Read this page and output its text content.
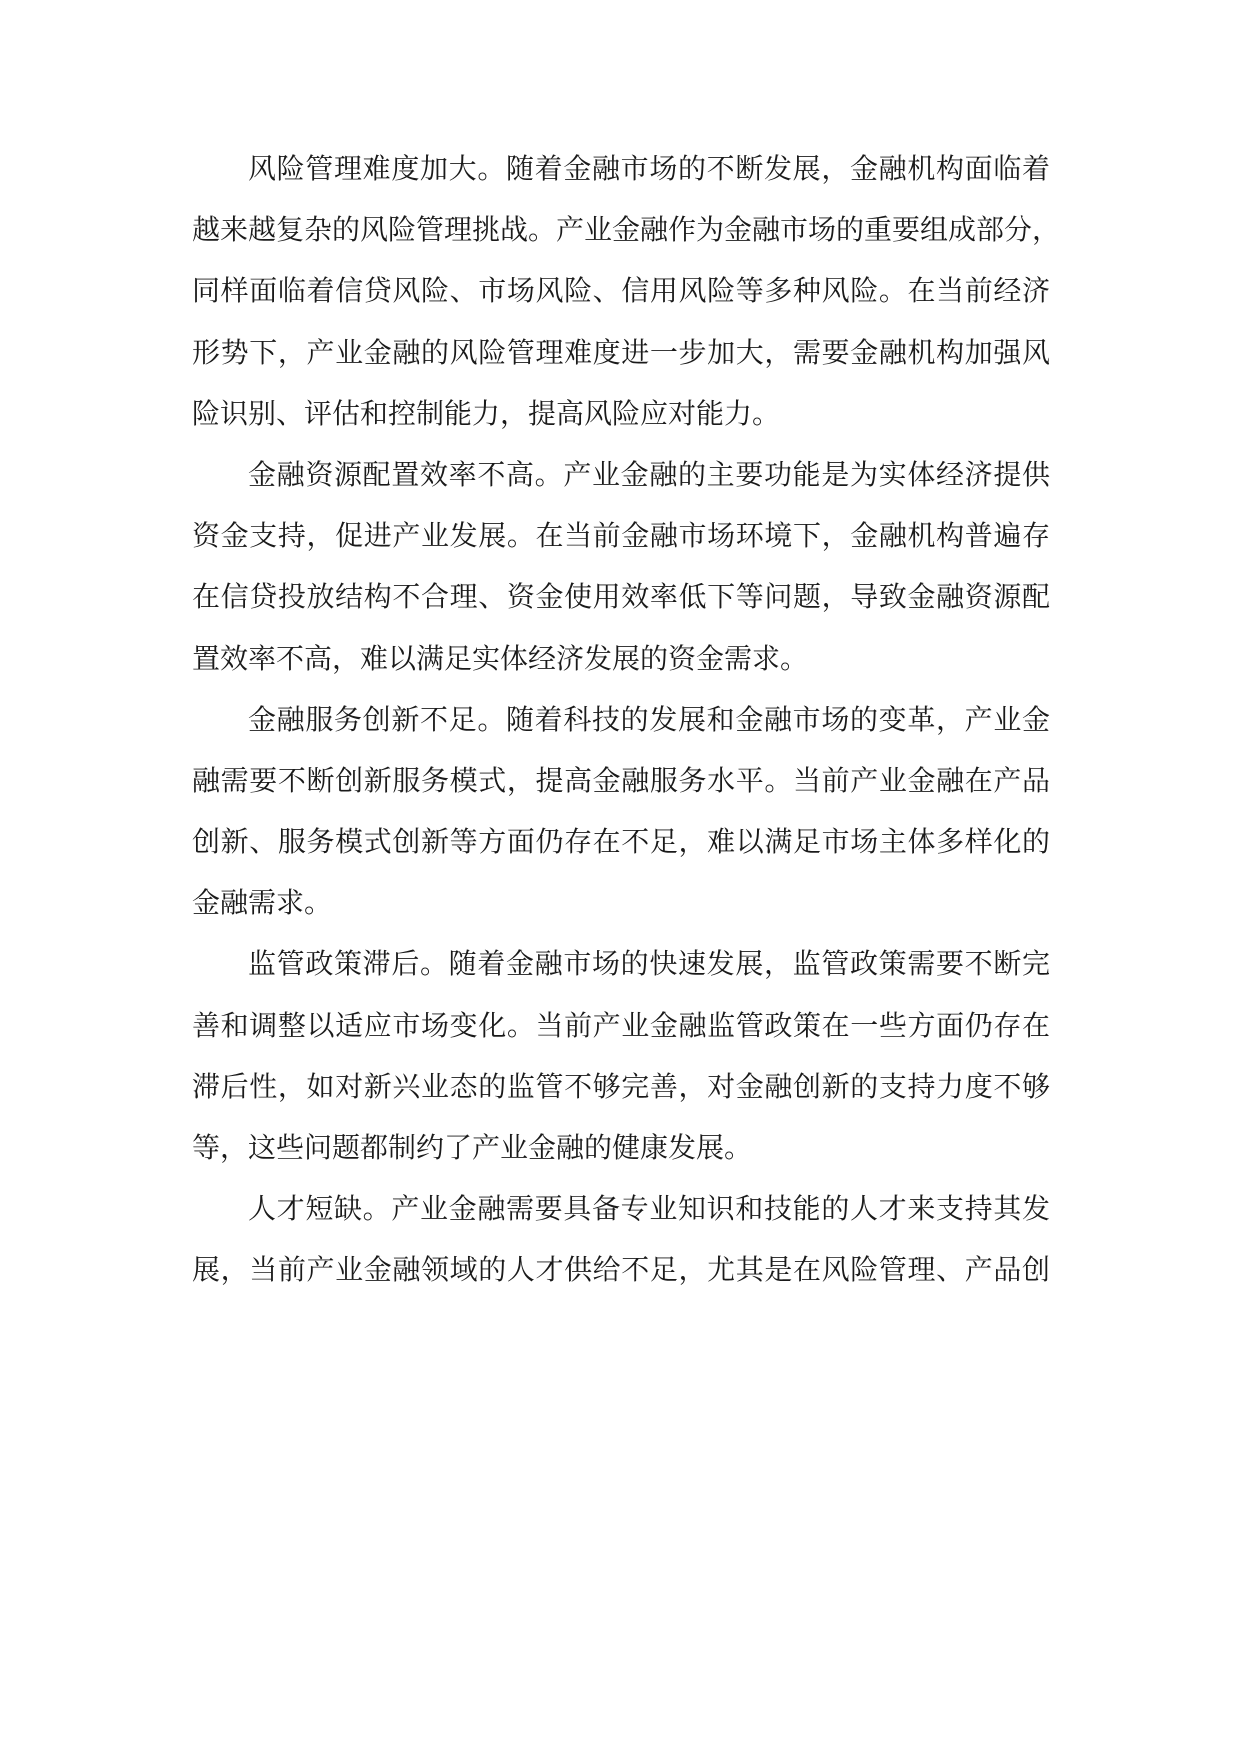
风险管理难度加大。随着金融市场的不断发展，金融机构面临着
越来越复杂的风险管理挑战。产业金融作为金融市场的重要组成部分，
同样面临着信贷风险、市场风险、信用风险等多种风险。在当前经济
形势下，产业金融的风险管理难度进一步加大，需要金融机构加强风
险识别、评估和控制能力，提高风险应对能力。
金融资源配置效率不高。产业金融的主要功能是为实体经济提供
资金支持，促进产业发展。在当前金融市场环境下，金融机构普遍存
在信贷投放结构不合理、资金使用效率低下等问题，导致金融资源配
置效率不高，难以满足实体经济发展的资金需求。
金融服务创新不足。随着科技的发展和金融市场的变革，产业金
融需要不断创新服务模式，提高金融服务水平。当前产业金融在产品
创新、服务模式创新等方面仍存在不足，难以满足市场主体多样化的
金融需求。
监管政策滞后。随着金融市场的快速发展，监管政策需要不断完
善和调整以适应市场变化。当前产业金融监管政策在一些方面仍存在
滞后性，如对新兴业态的监管不够完善，对金融创新的支持力度不够
等，这些问题都制约了产业金融的健康发展。
人才短缺。产业金融需要具备专业知识和技能的人才来支持其发
展，当前产业金融领域的人才供给不足，尤其是在风险管理、产品创
